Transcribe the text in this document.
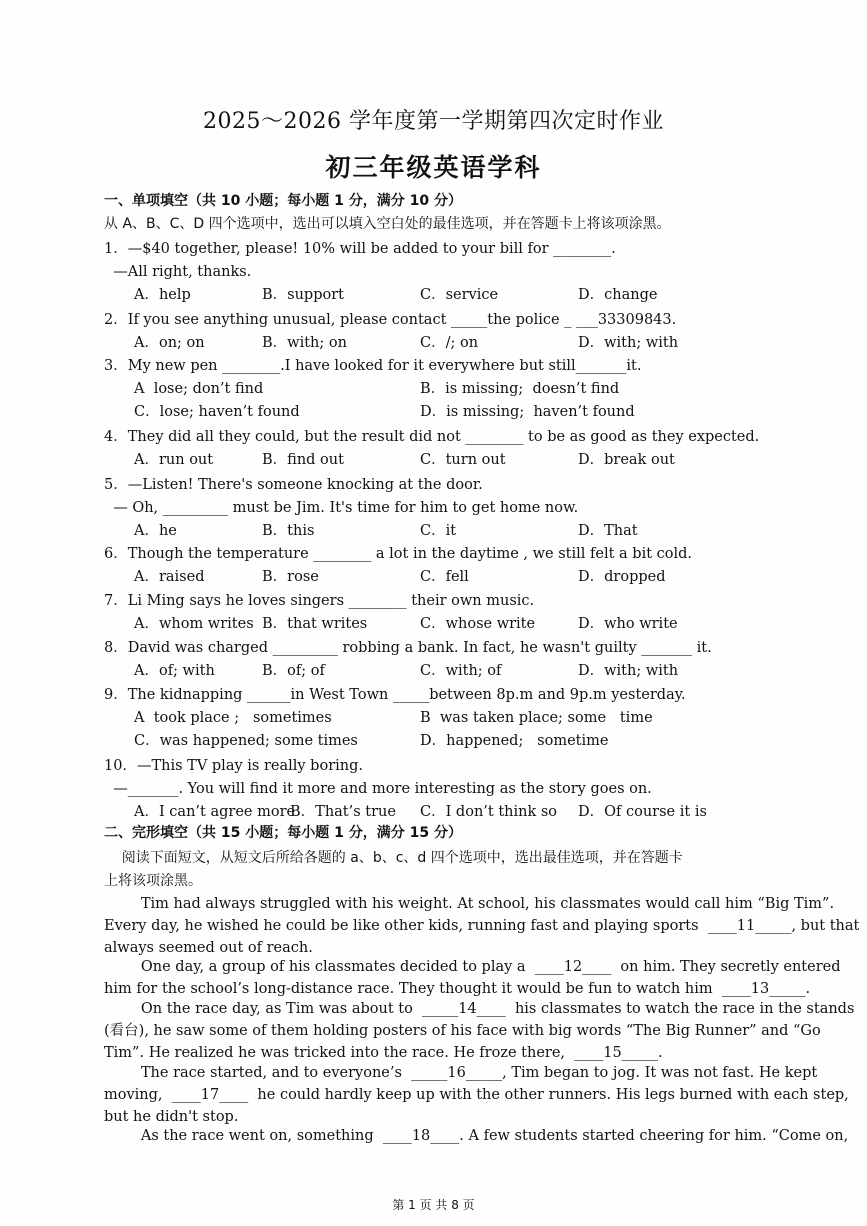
2025～2026 学年度第一学期第四次定时作业
初三年级英语学科
一、单项填空（共 10 小题；每小题 1 分，满分 10 分）
从 A、B、C、D 四个选项中，选出可以填入空白处的最佳选项，并在答题卡上将该项涂黑。
1．—$40 together, please! 10% will be added to your bill for ________.
—All right, thanks.
A．help	B．support	C．service	D．change
2．If you see anything unusual, please contact _____the police _ ___33309843.
A．on; on	B．with; on	C．/; on	D．with; with
3．My new pen ________.I have looked for it everywhere but still_______it.
A  lose; don’t find	B．is missing;  doesn’t find
C．lose; haven’t found	D．is missing;  haven’t found
4．They did all they could, but the result did not ________ to be as good as they expected.
A．run out	B．find out	C．turn out	D．break out
5．—Listen! There's someone knocking at the door.
— Oh, _________ must be Jim. It's time for him to get home now.
A．he	B．this	C．it	D．That
6．Though the temperature ________ a lot in the daytime , we still felt a bit cold.
A．raised	B．rose	C．fell	D．dropped
7．Li Ming says he loves singers ________ their own music.
A．whom writes B．that writes	C．whose write	D．who write
8．David was charged _________ robbing a bank. In fact, he wasn't guilty _______ it.
A．of; with	B．of; of	C．with; of	D．with; with
9．The kidnapping ______in West Town _____between 8p.m and 9p.m yesterday.
A  took place ;   sometimes	B  was taken place; some   time
C．was happened; some times	D．happened;   sometime
10．—This TV play is really boring.
—_______. You will find it more and more interesting as the story goes on.
A．I can’t agree more
B．That’s true C．I don’t think so D．Of course it is
二、完形填空（共 15 小题；每小题 1 分，满分 15 分）
阅读下面短文，从短文后所给各题的 a、b、c、d 四个选项中，选出最佳选项，并在答题卡
上将该项涂黑。
Tim had always struggled with his weight. At school, his classmates would call him “Big Tim”.
Every day, he wished he could be like other kids, running fast and playing sports  ____11_____, but that
always seemed out of reach.
One day, a group of his classmates decided to play a  ____12____  on him. They secretly entered
him for the school’s long-distance race. They thought it would be fun to watch him  ____13_____.
On the race day, as Tim was about to  _____14____  his classmates to watch the race in the stands
(看台), he saw some of them holding posters of his face with big words “The Big Runner” and “Go
Tim”. He realized he was tricked into the race. He froze there,  ____15_____.
The race started, and to everyone’s  _____16_____, Tim began to jog. It was not fast. He kept
moving,  ____17____  he could hardly keep up with the other runners. His legs burned with each step,
but he didn't stop.
As the race went on, something  ____18____. A few students started cheering for him. “Come on,
第 1 页 共 8 页
